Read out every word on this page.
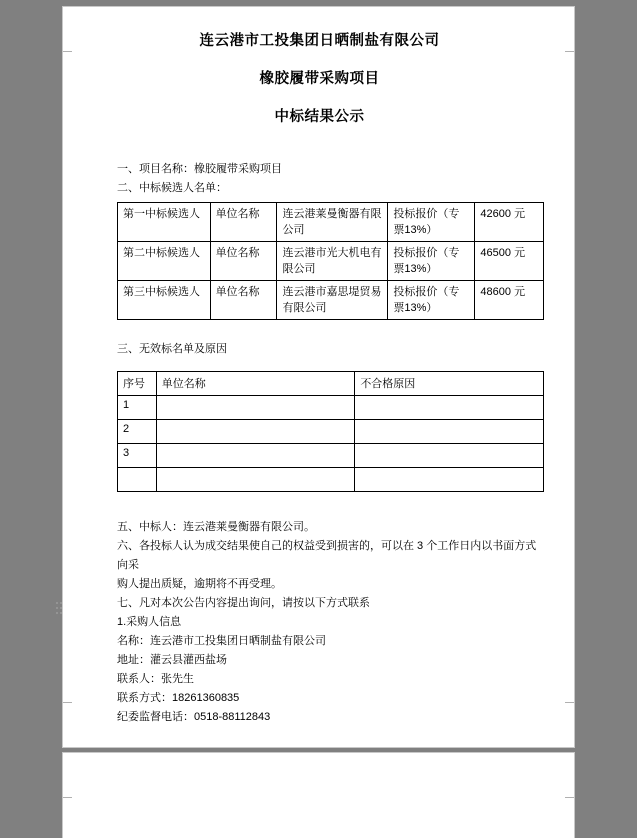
连云港市工投集团日晒制盐有限公司
橡胶履带采购项目
中标结果公示
一、项目名称：橡胶履带采购项目
二、中标候选人名单：
第一中标候选人	单位名称	连云港莱曼衡器有限公司	投标报价（专票13%）	42600 元
第二中标候选人	单位名称	连云港市光大机电有限公司	投标报价（专票13%）	46500 元
第三中标候选人	单位名称	连云港市嘉思堤贸易有限公司	投标报价（专票13%）	48600 元
三、无效标名单及原因
序号	单位名称	不合格原因
1		
2		
3		

五、中标人：连云港莱曼衡器有限公司。
六、各投标人认为成交结果使自己的权益受到损害的，可以在 3 个工作日内以书面方式向采
购人提出质疑，逾期将不再受理。
七、凡对本次公告内容提出询问，请按以下方式联系
1.采购人信息
名称：连云港市工投集团日晒制盐有限公司
地址：灌云县灌西盐场
联系人：张先生
联系方式：18261360835
纪委监督电话：0518-88112843
